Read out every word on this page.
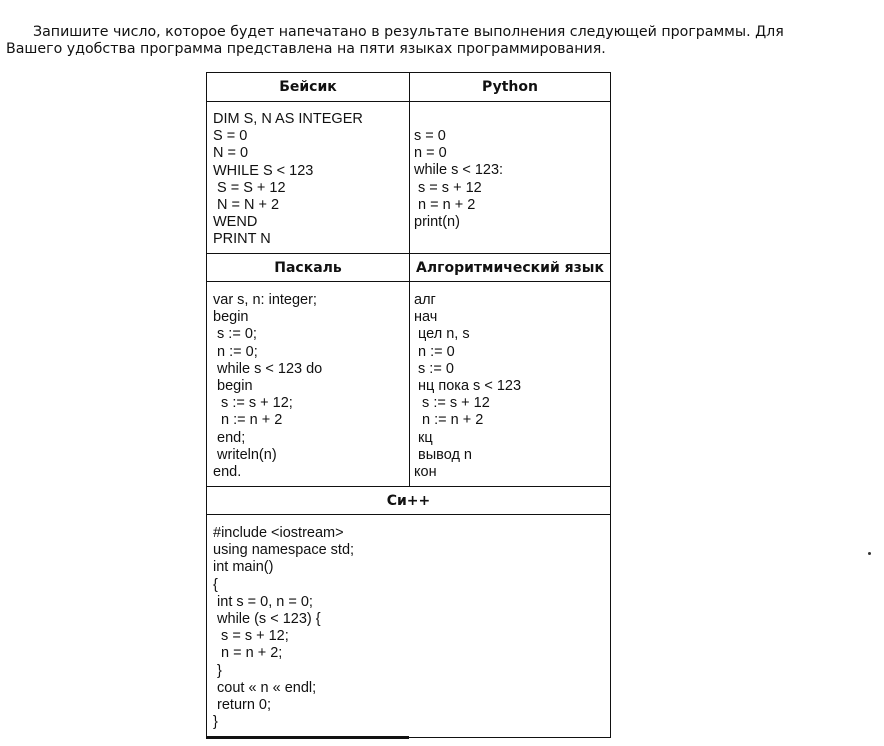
Запишите число, которое будет напечатано в результате выполнения следующей программы. Для Вашего удобства программа представлена на пяти языках программирования.

Бейсик	Python
Паскаль	Алгоритмический язык
Си++
DIM S, N AS INTEGER
S = 0
N = 0
WHILE S < 123
S = S + 12
N = N + 2
WEND
PRINT N
s = 0
n = 0
while s < 123:
s = s + 12
n = n + 2
print(n)
var s, n: integer;
begin
s := 0;
n := 0;
while s < 123 do
begin
s := s + 12;
n := n + 2
end;
writeln(n)
end.
алг
нач
цел n, s
n := 0
s := 0
нц пока s < 123
s := s + 12
n := n + 2
кц
вывод n
кон
#include <iostream>
using namespace std;
int main()
{
int s = 0, n = 0;
while (s < 123) {
s = s + 12;
n = n + 2;
}
cout « n « endl;
return 0;
}
